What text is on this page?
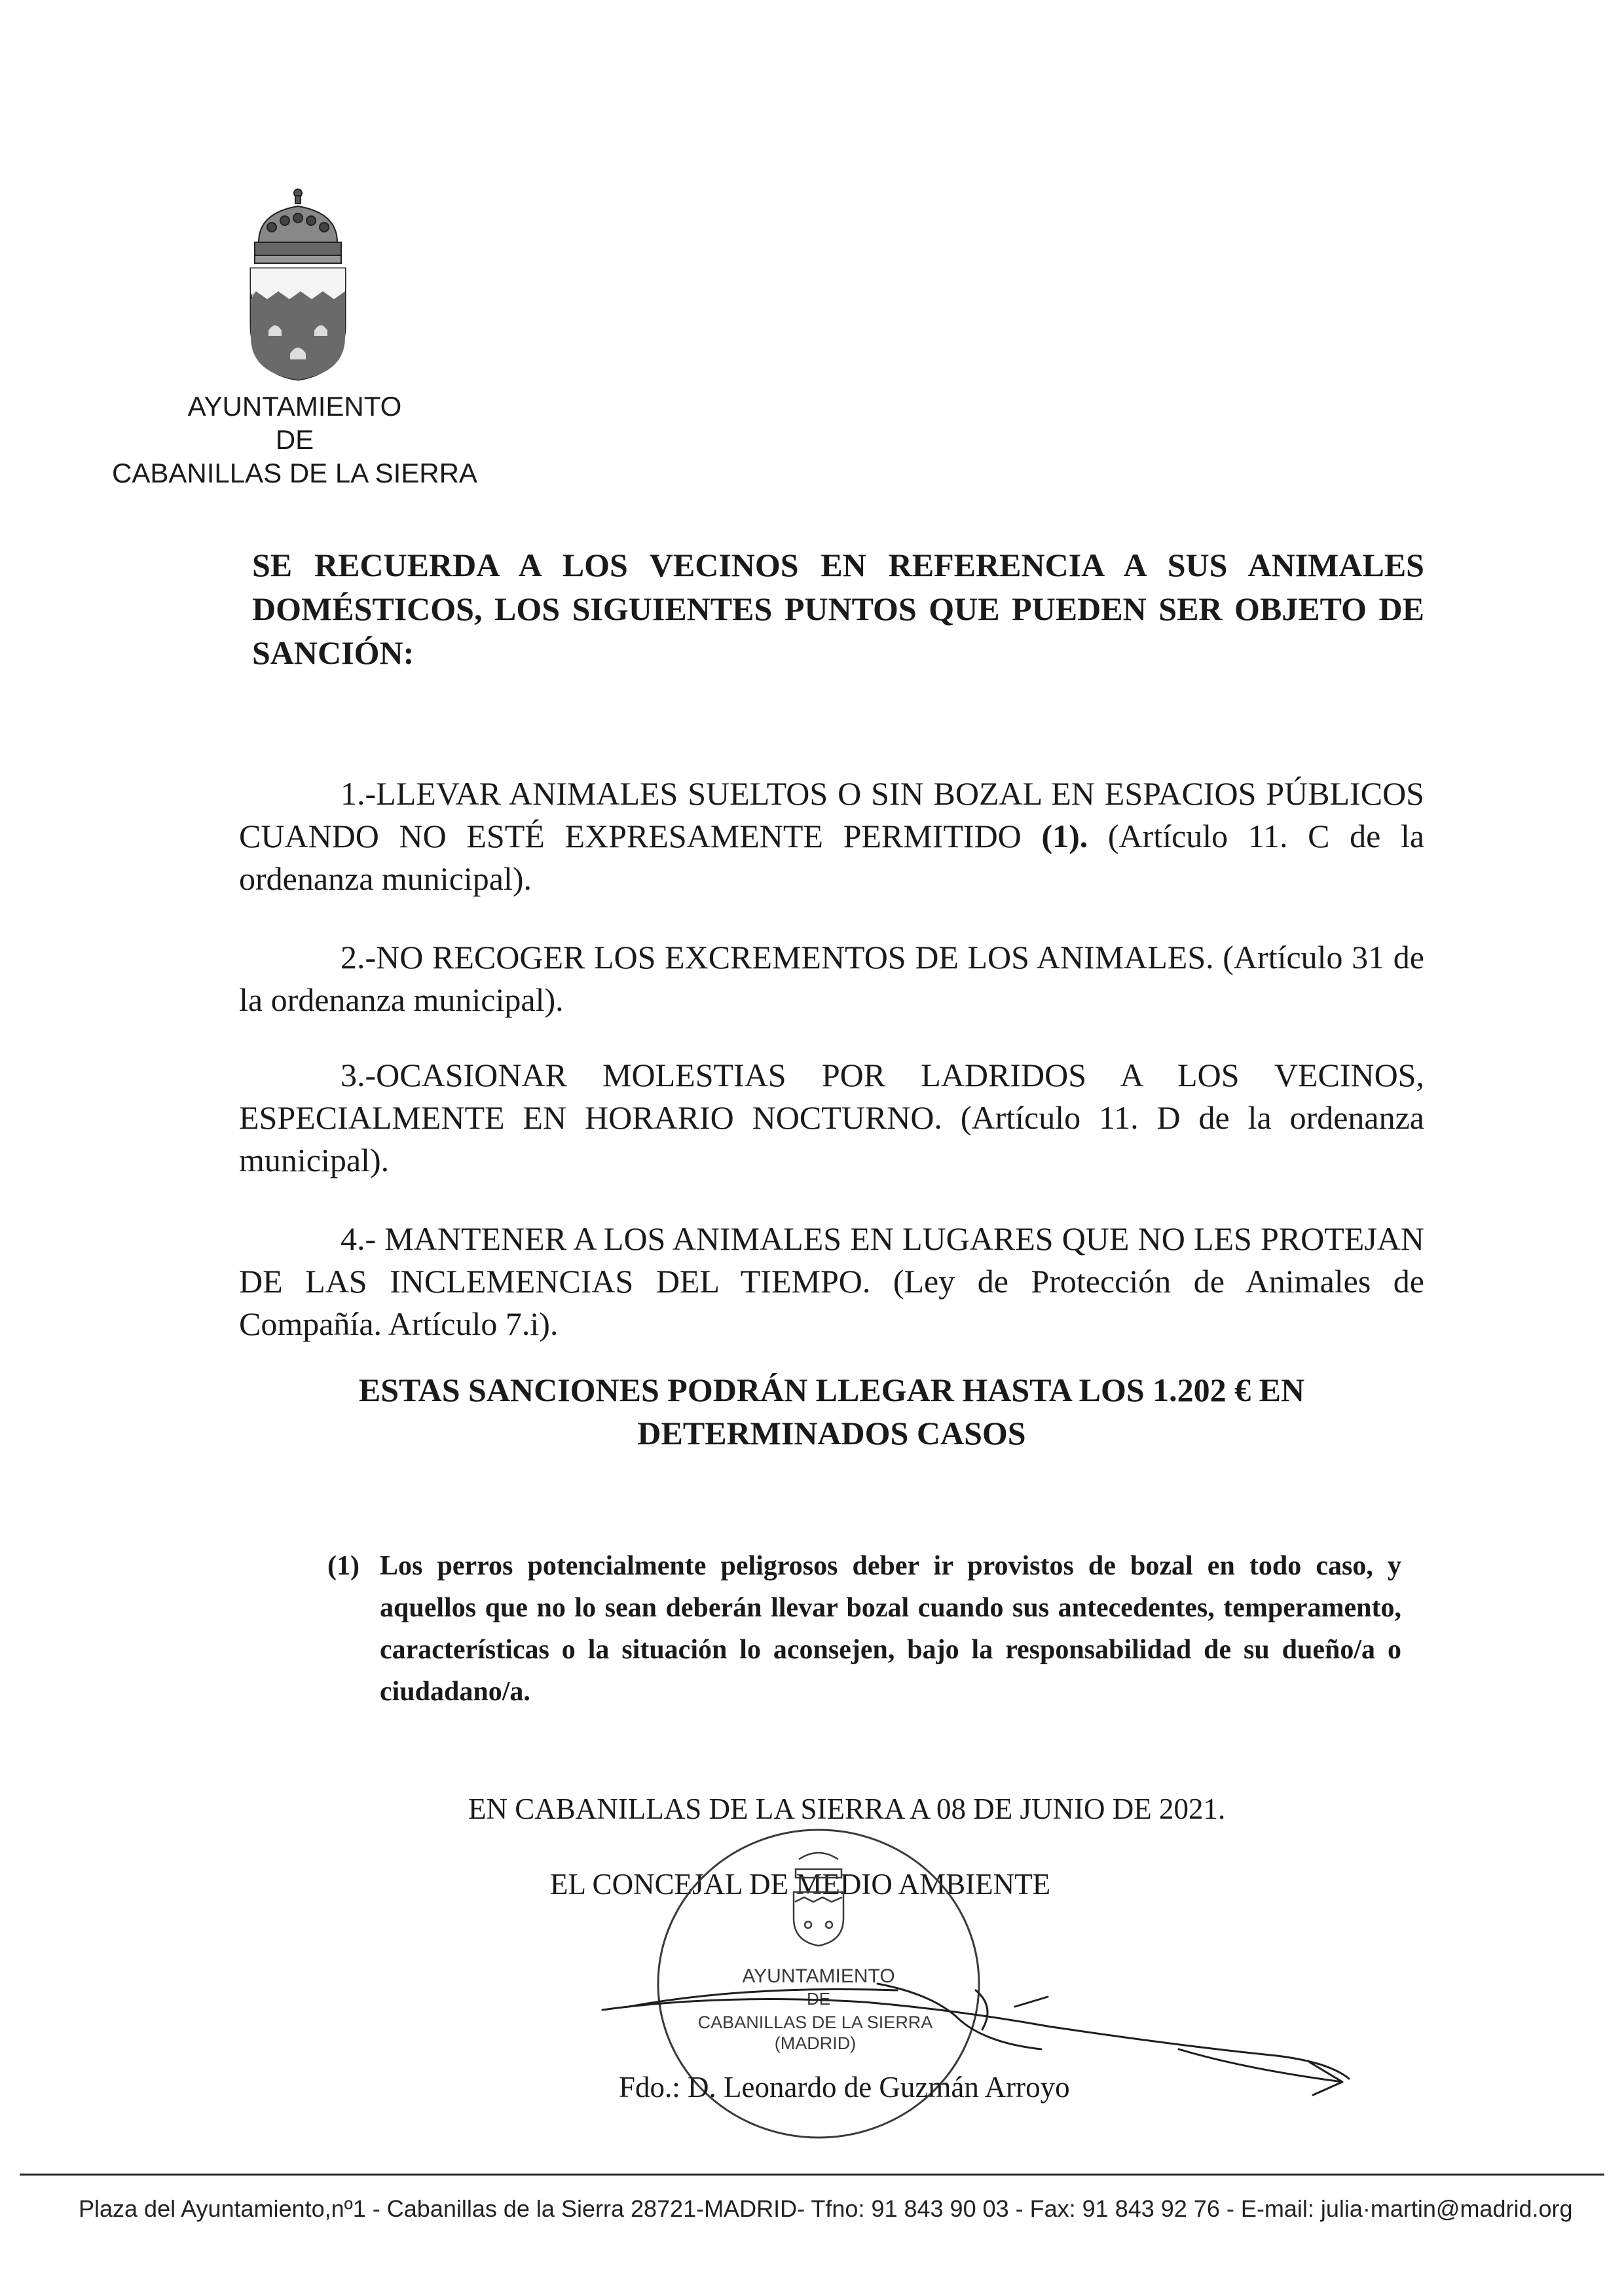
AYUNTAMIENTO
DE
CABANILLAS DE LA SIERRA
SE RECUERDA A LOS VECINOS EN REFERENCIA A SUS ANIMALES DOMÉSTICOS, LOS SIGUIENTES PUNTOS QUE PUEDEN SER OBJETO DE SANCIÓN:
1.-LLEVAR ANIMALES SUELTOS O SIN BOZAL EN ESPACIOS PÚBLICOS CUANDO NO ESTÉ EXPRESAMENTE PERMITIDO (1). (Artículo 11. C de la ordenanza municipal).
2.-NO RECOGER LOS EXCREMENTOS DE LOS ANIMALES. (Artículo 31 de la ordenanza municipal).
3.-OCASIONAR MOLESTIAS POR LADRIDOS A LOS VECINOS, ESPECIALMENTE EN HORARIO NOCTURNO. (Artículo 11. D de la ordenanza municipal).
4.- MANTENER A LOS ANIMALES EN LUGARES QUE NO LES PROTEJAN DE LAS INCLEMENCIAS DEL TIEMPO. (Ley de Protección de Animales de Compañía. Artículo 7.i).
ESTAS SANCIONES PODRÁN LLEGAR HASTA LOS 1.202 € EN
DETERMINADOS CASOS
(1) Los perros potencialmente peligrosos deber ir provistos de bozal en todo caso, y aquellos que no lo sean deberán llevar bozal cuando sus antecedentes, temperamento, características o la situación lo aconsejen, bajo la responsabilidad de su dueño/a o ciudadano/a.
EN CABANILLAS DE LA SIERRA A 08 DE JUNIO DE 2021.
EL CONCEJAL DE MEDIO AMBIENTE
AYUNTAMIENTO
DE
CABANILLAS DE LA SIERRA
(MADRID)
Fdo.: D. Leonardo de Guzmán Arroyo
Plaza del Ayuntamiento,nº1 - Cabanillas de la Sierra 28721-MADRID- Tfno: 91 843 90 03 - Fax: 91 843 92 76 - E-mail: julia·martin@madrid.org
